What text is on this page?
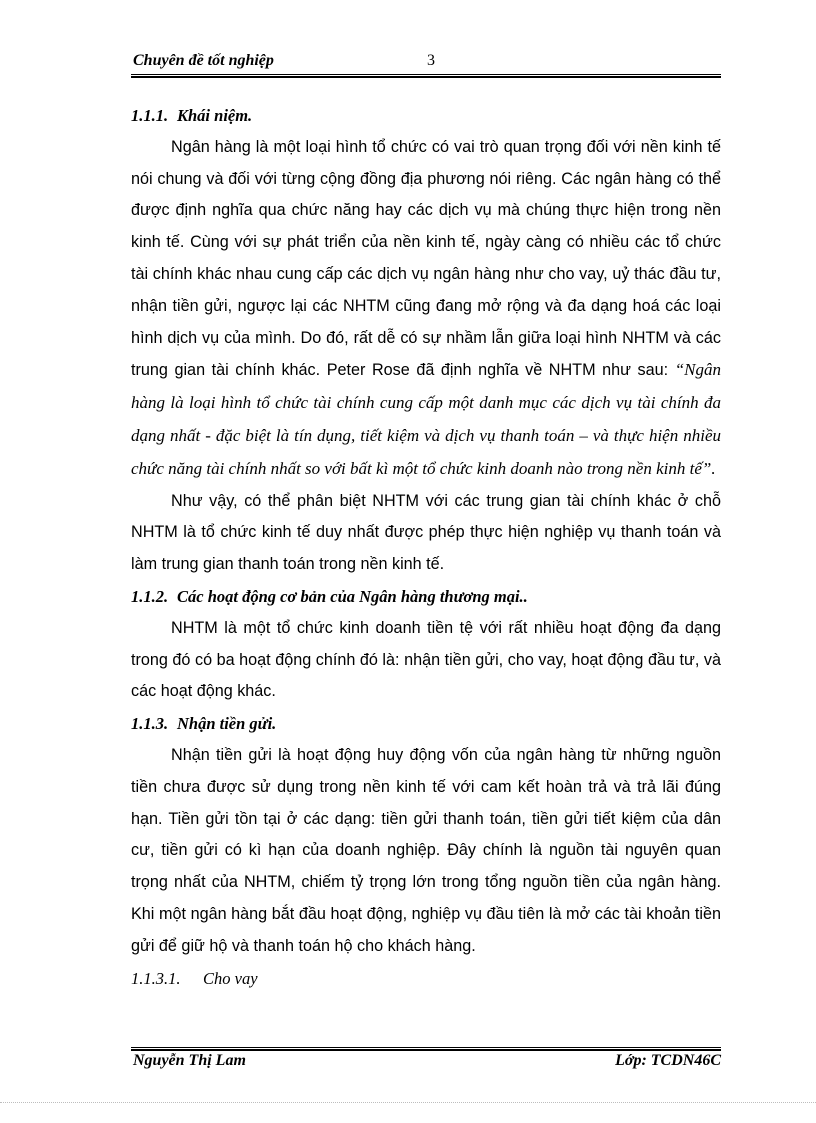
Chuyên đề tốt nghiệp	3

1.1.1. Khái niệm.

Ngân hàng là một loại hình tổ chức có vai trò quan trọng đối với nền kinh tế nói chung và đối với từng cộng đồng địa phương nói riêng. Các ngân hàng có thể được định nghĩa qua chức năng hay các dịch vụ mà chúng thực hiện trong nền kinh tế. Cùng với sự phát triển của nền kinh tế, ngày càng có nhiều các tổ chức tài chính khác nhau cung cấp các dịch vụ ngân hàng như cho vay, uỷ thác đầu tư, nhận tiền gửi, ngược lại các NHTM cũng đang mở rộng và đa dạng hoá các loại hình dịch vụ của mình. Do đó, rất dễ có sự nhầm lẫn giữa loại hình NHTM và các trung gian tài chính khác. Peter Rose đã định nghĩa về NHTM như sau: “Ngân hàng là loại hình tổ chức tài chính cung cấp một danh mục các dịch vụ tài chính đa dạng nhất - đặc biệt là tín dụng, tiết kiệm và dịch vụ thanh toán – và thực hiện nhiều chức năng tài chính nhất so với bất kì một tổ chức kinh doanh nào trong nền kinh tế”.

Như vậy, có thể phân biệt NHTM với các trung gian tài chính khác ở chỗ NHTM là tổ chức kinh tế duy nhất được phép thực hiện nghiệp vụ thanh toán và làm trung gian thanh toán trong nền kinh tế.

1.1.2. Các hoạt động cơ bản của Ngân hàng thương mại..

NHTM là một tổ chức kinh doanh tiền tệ với rất nhiều hoạt động đa dạng trong đó có ba hoạt động chính đó là: nhận tiền gửi, cho vay, hoạt động đầu tư, và các hoạt động khác.

1.1.3. Nhận tiền gửi.

Nhận tiền gửi là hoạt động huy động vốn của ngân hàng từ những nguồn tiền chưa được sử dụng trong nền kinh tế với cam kết hoàn trả và trả lãi đúng hạn. Tiền gửi tồn tại ở các dạng: tiền gửi thanh toán, tiền gửi tiết kiệm của dân cư, tiền gửi có kì hạn của doanh nghiệp. Đây chính là nguồn tài nguyên quan trọng nhất của NHTM, chiếm tỷ trọng lớn trong tổng nguồn tiền của ngân hàng. Khi một ngân hàng bắt đầu hoạt động, nghiệp vụ đầu tiên là mở các tài khoản tiền gửi để giữ hộ và thanh toán hộ cho khách hàng.

1.1.3.1. Cho vay

Nguyễn Thị Lam	Lớp: TCDN46C
